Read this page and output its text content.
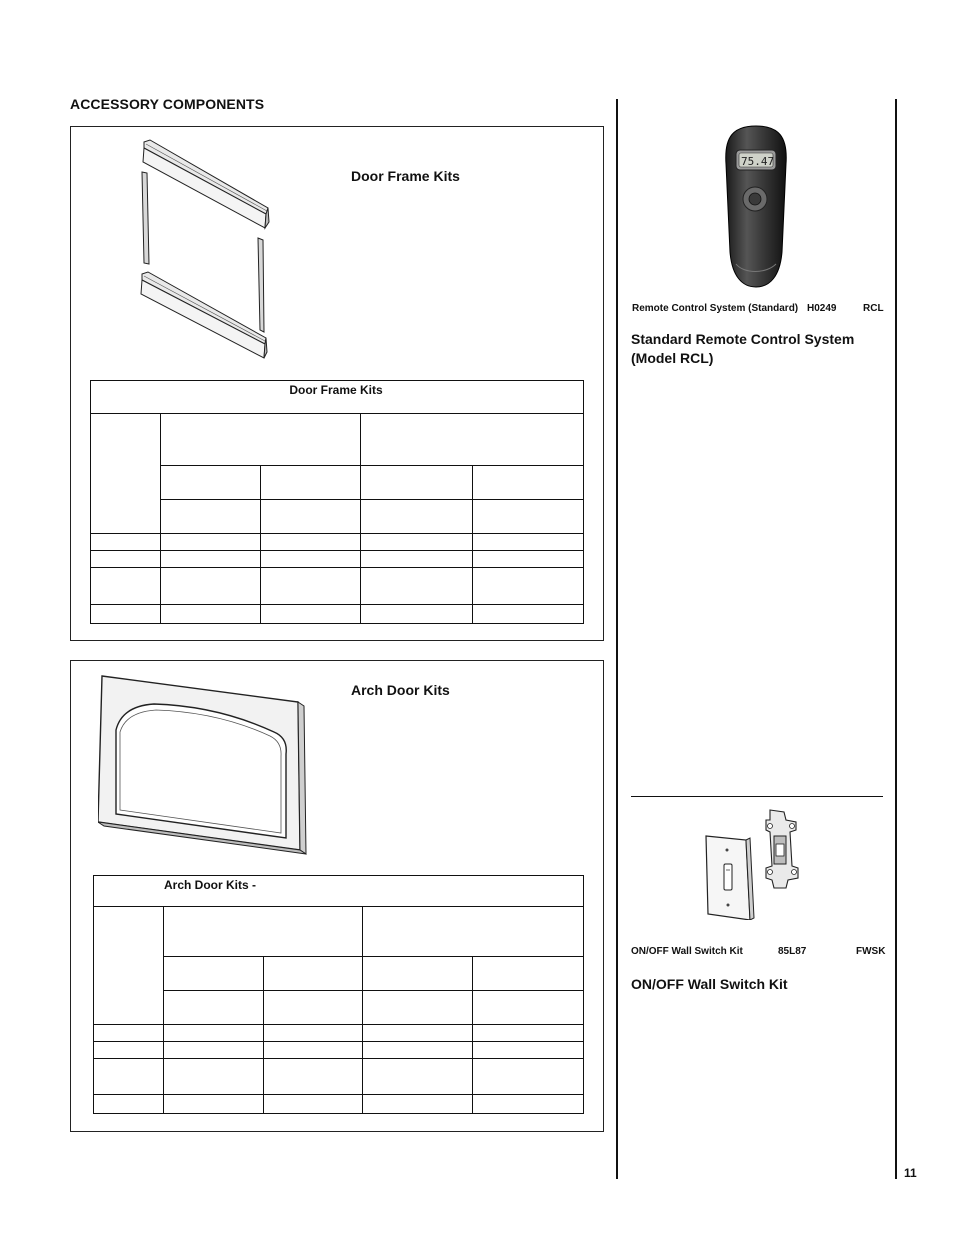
ACCESSORY COMPONENTS
Door Frame Kits
Door Frame Kits				

Arch Door Kits
Arch Door Kits -				

75.47
Remote Control System (Standard) H0249	RCL
Standard Remote Control System
(Model RCL)
ON/OFF Wall Switch Kit	85L87	FWSK
ON/OFF Wall Switch Kit
11
